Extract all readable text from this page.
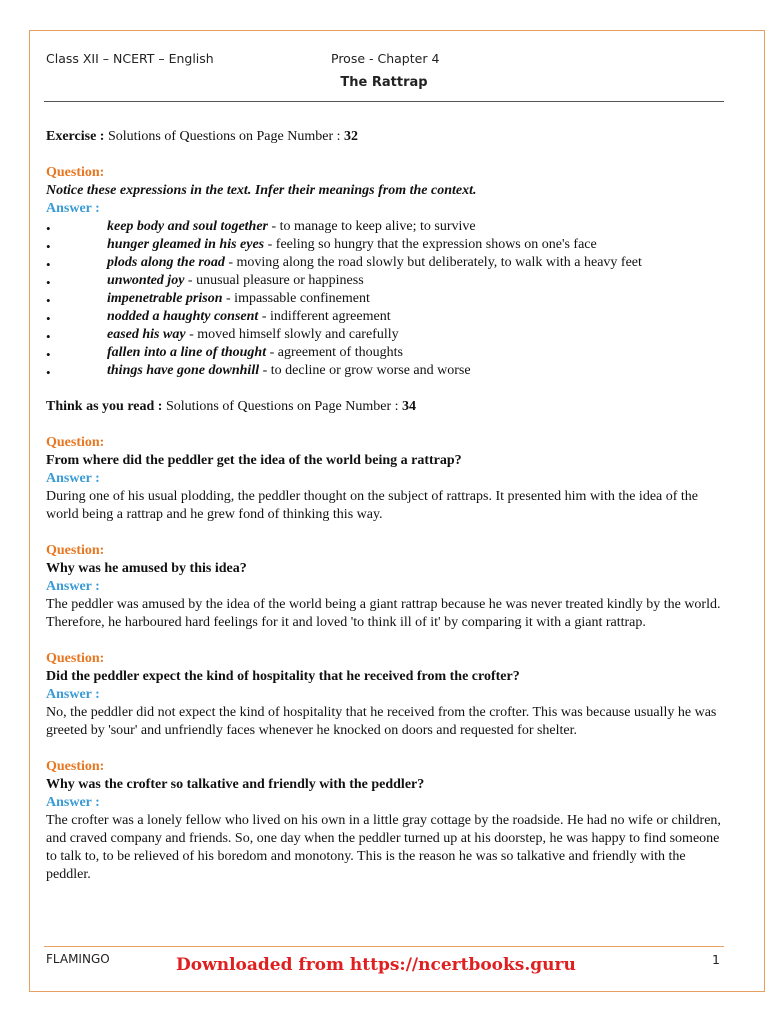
Class XII – NCERT – English	Prose - Chapter 4
The Rattrap

Exercise : Solutions of Questions on Page Number : 32

Question:

Notice these expressions in the text. Infer their meanings from the context.

Answer :

•	keep body and soul together - to manage to keep alive; to survive
•	hunger gleamed in his eyes - feeling so hungry that the expression shows on one's face
•	plods along the road - moving along the road slowly but deliberately, to walk with a heavy feet
•	unwonted joy - unusual pleasure or happiness
•	impenetrable prison - impassable confinement
•	nodded a haughty consent - indifferent agreement
•	eased his way - moved himself slowly and carefully
•	fallen into a line of thought - agreement of thoughts
•	things have gone downhill - to decline or grow worse and worse

Think as you read : Solutions of Questions on Page Number : 34

Question:

From where did the peddler get the idea of the world being a rattrap?

Answer :

During one of his usual plodding, the peddler thought on the subject of rattraps. It presented him with the idea of the world being a rattrap and he grew fond of thinking this way.

Question:

Why was he amused by this idea?

Answer :

The peddler was amused by the idea of the world being a giant rattrap because he was never treated kindly by the world. Therefore, he harboured hard feelings for it and loved 'to think ill of it' by comparing it with a giant rattrap.

Question:

Did the peddler expect the kind of hospitality that he received from the crofter?

Answer :

No, the peddler did not expect the kind of hospitality that he received from the crofter. This was because usually he was greeted by 'sour' and unfriendly faces whenever he knocked on doors and requested for shelter.

Question:

Why was the crofter so talkative and friendly with the peddler?

Answer :

The crofter was a lonely fellow who lived on his own in a little gray cottage by the roadside. He had no wife or children, and craved company and friends. So, one day when the peddler turned up at his doorstep, he was happy to find someone to talk to, to be relieved of his boredom and monotony. This is the reason he was so talkative and friendly with the peddler.

FLAMINGO	Downloaded from https://ncertbooks.guru	1
